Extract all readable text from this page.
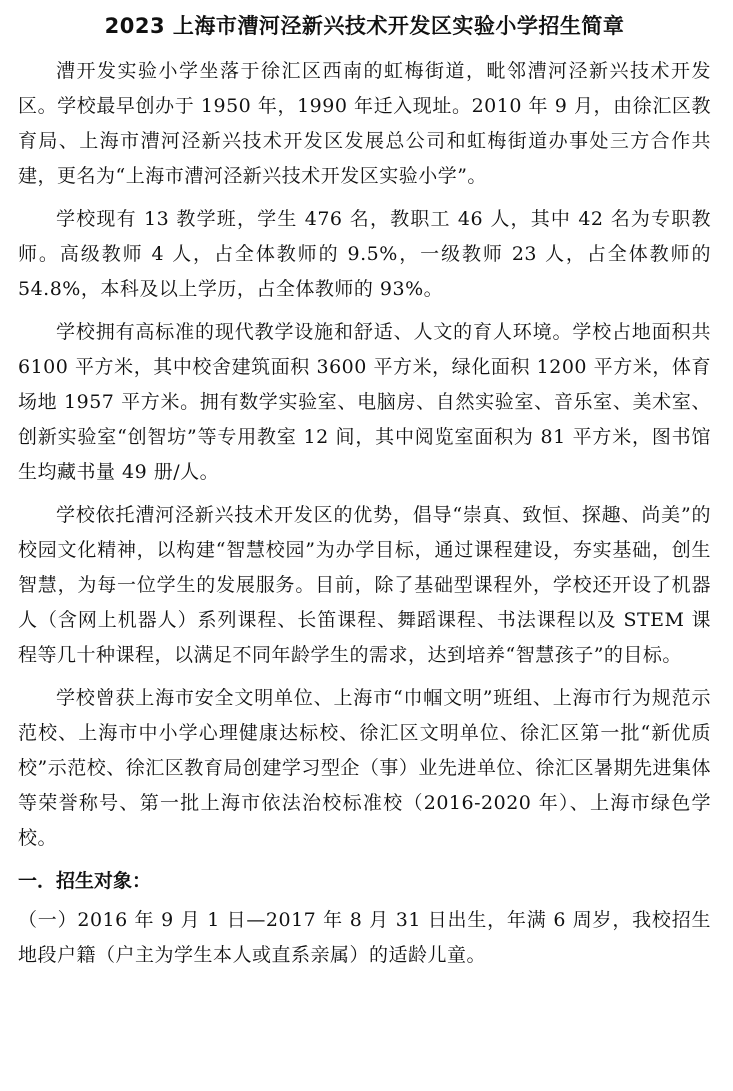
2023 上海市漕河泾新兴技术开发区实验小学招生简章

漕开发实验小学坐落于徐汇区西南的虹梅街道，毗邻漕河泾新兴技术开发区。学校最早创办于 1950 年，1990 年迁入现址。2010 年 9 月，由徐汇区教育局、上海市漕河泾新兴技术开发区发展总公司和虹梅街道办事处三方合作共建，更名为“上海市漕河泾新兴技术开发区实验小学”。

学校现有 13 教学班，学生 476 名，教职工 46 人，其中 42 名为专职教师。高级教师 4 人，占全体教师的 9.5%，一级教师 23 人，占全体教师的 54.8%，本科及以上学历，占全体教师的 93%。

学校拥有高标准的现代教学设施和舒适、人文的育人环境。学校占地面积共 6100 平方米，其中校舍建筑面积 3600 平方米，绿化面积 1200 平方米，体育场地 1957 平方米。拥有数学实验室、电脑房、自然实验室、音乐室、美术室、创新实验室“创智坊”等专用教室 12 间，其中阅览室面积为 81 平方米，图书馆生均藏书量 49 册/人。

学校依托漕河泾新兴技术开发区的优势，倡导“崇真、致恒、探趣、尚美”的校园文化精神，以构建“智慧校园”为办学目标，通过课程建设，夯实基础，创生智慧，为每一位学生的发展服务。目前，除了基础型课程外，学校还开设了机器人（含网上机器人）系列课程、长笛课程、舞蹈课程、书法课程以及 STEM 课程等几十种课程，以满足不同年龄学生的需求，达到培养“智慧孩子”的目标。

学校曾获上海市安全文明单位、上海市“巾帼文明”班组、上海市行为规范示范校、上海市中小学心理健康达标校、徐汇区文明单位、徐汇区第一批“新优质校”示范校、徐汇区教育局创建学习型企（事）业先进单位、徐汇区暑期先进集体等荣誉称号、第一批上海市依法治校标准校（2016-2020 年）、上海市绿色学校。

一．招生对象：

（一）2016 年 9 月 1 日—2017 年 8 月 31 日出生，年满 6 周岁，我校招生地段户籍（户主为学生本人或直系亲属）的适龄儿童。
